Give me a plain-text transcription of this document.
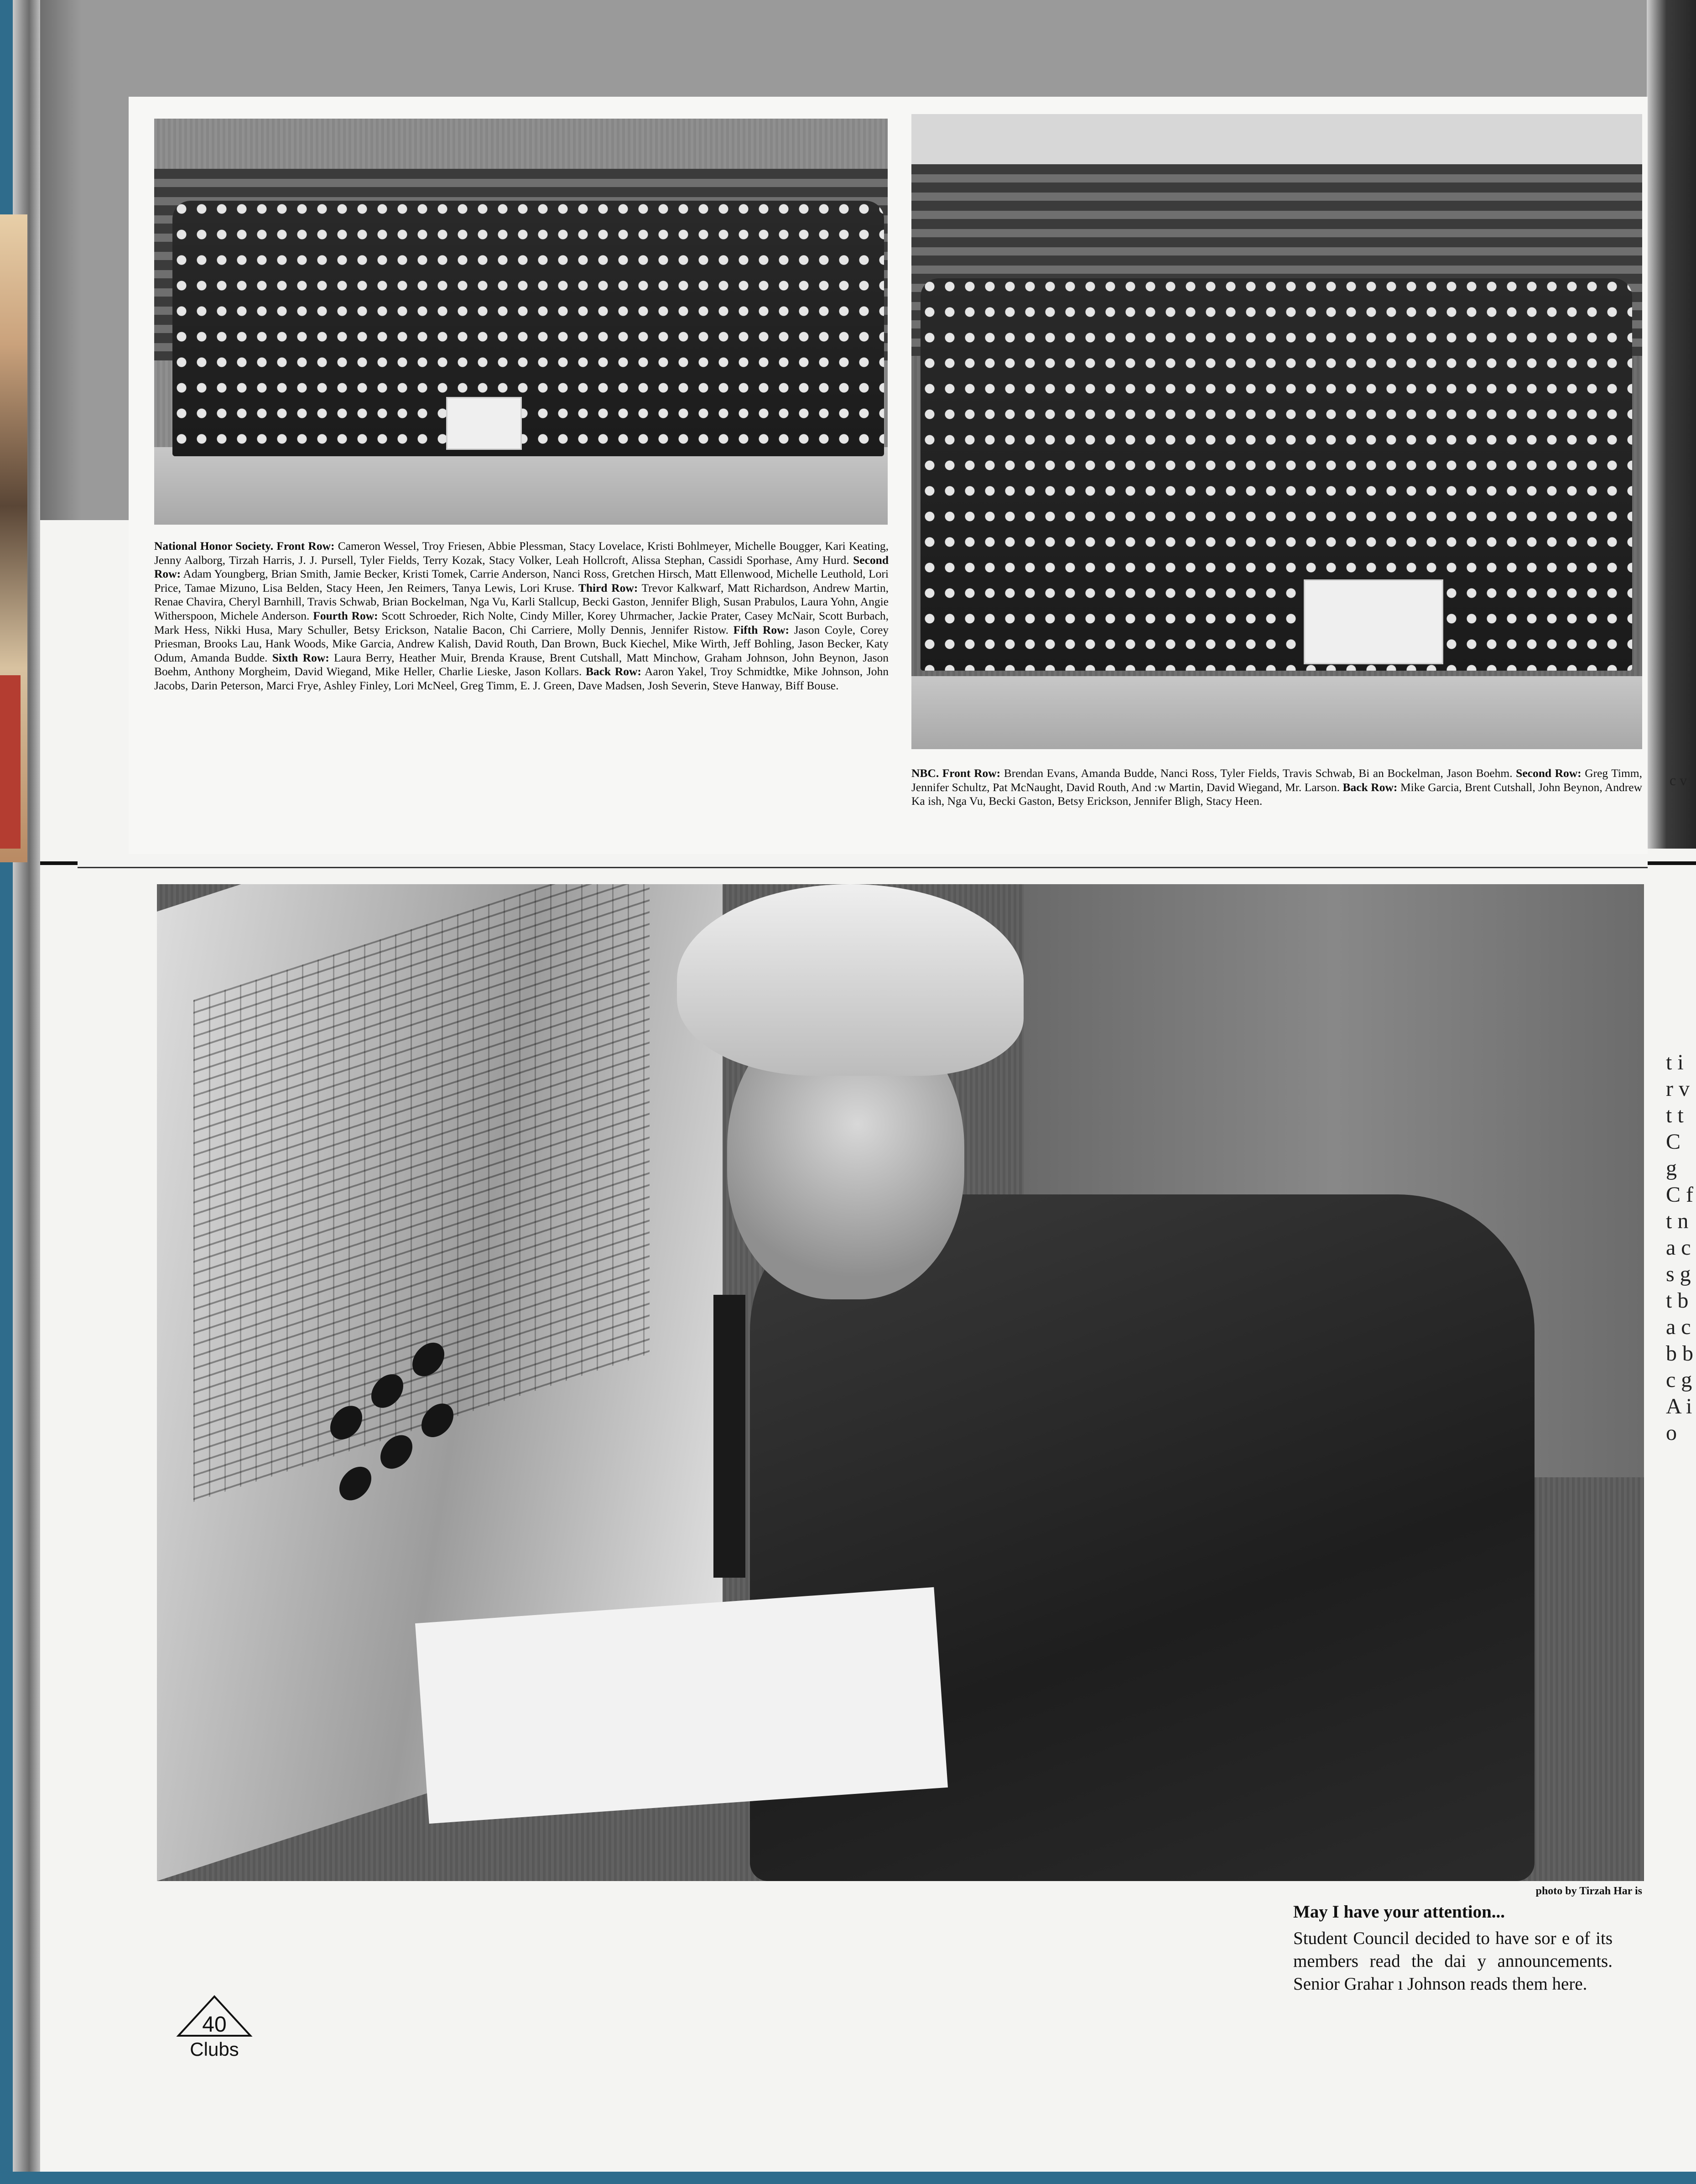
National Honor Society. Front Row: Cameron Wessel, Troy Friesen, Abbie Plessman, Stacy Lovelace, Kristi Bohlmeyer, Michelle Bougger, Kari Keating, Jenny Aalborg, Tirzah Harris, J. J. Pursell, Tyler Fields, Terry Kozak, Stacy Volker, Leah Hollcroft, Alissa Stephan, Cassidi Sporhase, Amy Hurd. Second Row: Adam Youngberg, Brian Smith, Jamie Becker, Kristi Tomek, Carrie Anderson, Nanci Ross, Gretchen Hirsch, Matt Ellenwood, Michelle Leuthold, Lori Price, Tamae Mizuno, Lisa Belden, Stacy Heen, Jen Reimers, Tanya Lewis, Lori Kruse. Third Row: Trevor Kalkwarf, Matt Richardson, Andrew Martin, Renae Chavira, Cheryl Barnhill, Travis Schwab, Brian Bockelman, Nga Vu, Karli Stallcup, Becki Gaston, Jennifer Bligh, Susan Prabulos, Laura Yohn, Angie Witherspoon, Michele Anderson. Fourth Row: Scott Schroeder, Rich Nolte, Cindy Miller, Korey Uhrmacher, Jackie Prater, Casey McNair, Scott Burbach, Mark Hess, Nikki Husa, Mary Schuller, Betsy Erickson, Natalie Bacon, Chi Carriere, Molly Dennis, Jennifer Ristow. Fifth Row: Jason Coyle, Corey Priesman, Brooks Lau, Hank Woods, Mike Garcia, Andrew Kalish, David Routh, Dan Brown, Buck Kiechel, Mike Wirth, Jeff Bohling, Jason Becker, Katy Odum, Amanda Budde. Sixth Row: Laura Berry, Heather Muir, Brenda Krause, Brent Cutshall, Matt Minchow, Graham Johnson, John Beynon, Jason Boehm, Anthony Morgheim, David Wiegand, Mike Heller, Charlie Lieske, Jason Kollars. Back Row: Aaron Yakel, Troy Schmidtke, Mike Johnson, John Jacobs, Darin Peterson, Marci Frye, Ashley Finley, Lori McNeel, Greg Timm, E. J. Green, Dave Madsen, Josh Severin, Steve Hanway, Biff Bouse.
NBC. Front Row: Brendan Evans, Amanda Budde, Nanci Ross, Tyler Fields, Travis Schwab, Bi an Bockelman, Jason Boehm. Second Row: Greg Timm, Jennifer Schultz, Pat McNaught, David Routh, And :w Martin, David Wiegand, Mr. Larson. Back Row: Mike Garcia, Brent Cutshall, John Beynon, Andrew Ka ish, Nga Vu, Becki Gaston, Betsy Erickson, Jennifer Bligh, Stacy Heen.
c v
photo by Tirzah Har is
May I have your attention...
Student Council decided to have sor e of its members read the dai y announcements. Senior Grahar ı Johnson reads them here.
t i r v t t C g C f t n a c s g t b a c b b c g A i o
40
Clubs
